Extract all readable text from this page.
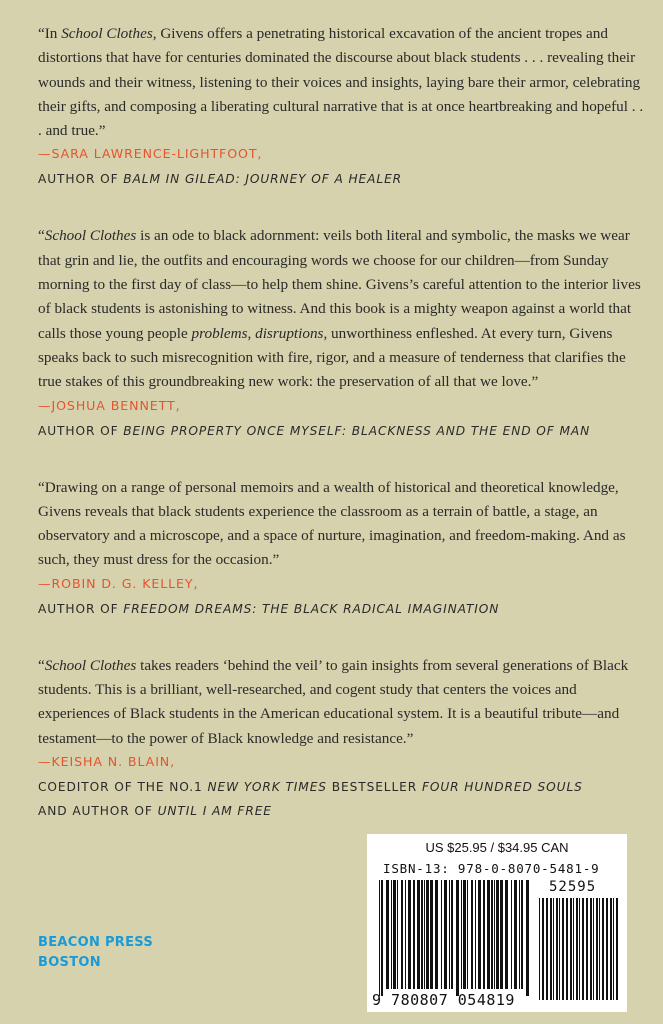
“In School Clothes, Givens offers a penetrating historical excavation of the ancient tropes and distortions that have for centuries dominated the discourse about black students . . . revealing their wounds and their witness, listening to their voices and insights, laying bare their armor, celebrating their gifts, and composing a liberating cultural narrative that is at once heartbreaking and hopeful . . . and true.”

—SARA LAWRENCE-LIGHTFOOT,
AUTHOR OF BALM IN GILEAD: JOURNEY OF A HEALER

“School Clothes is an ode to black adornment: veils both literal and symbolic, the masks we wear that grin and lie, the outfits and encouraging words we choose for our children—from Sunday morning to the first day of class—to help them shine. Givens’s careful attention to the interior lives of black students is astonishing to witness. And this book is a mighty weapon against a world that calls those young people problems, disruptions, unworthiness enfleshed. At every turn, Givens speaks back to such misrecognition with fire, rigor, and a measure of tenderness that clarifies the true stakes of this groundbreaking new work: the preservation of all that we love.”

—JOSHUA BENNETT,
AUTHOR OF BEING PROPERTY ONCE MYSELF: BLACKNESS AND THE END OF MAN

“Drawing on a range of personal memoirs and a wealth of historical and theoretical knowledge, Givens reveals that black students experience the classroom as a terrain of battle, a stage, an observatory and a microscope, and a space of nurture, imagination, and freedom-making. And as such, they must dress for the occasion.”

—ROBIN D. G. KELLEY,
AUTHOR OF FREEDOM DREAMS: THE BLACK RADICAL IMAGINATION

“School Clothes takes readers ‘behind the veil’ to gain insights from several generations of Black students. This is a brilliant, well-researched, and cogent study that centers the voices and experiences of Black students in the American educational system. It is a beautiful tribute—and testament—to the power of Black knowledge and resistance.”

—KEISHA N. BLAIN,
COEDITOR OF THE NO.1 NEW YORK TIMES BESTSELLER FOUR HUNDRED SOULS
AND AUTHOR OF UNTIL I AM FREE
BEACON PRESS
BOSTON
US $25.95 / $34.95 CAN
ISBN-13: 978-0-8070-5481-9
52595
9 780807 054819
